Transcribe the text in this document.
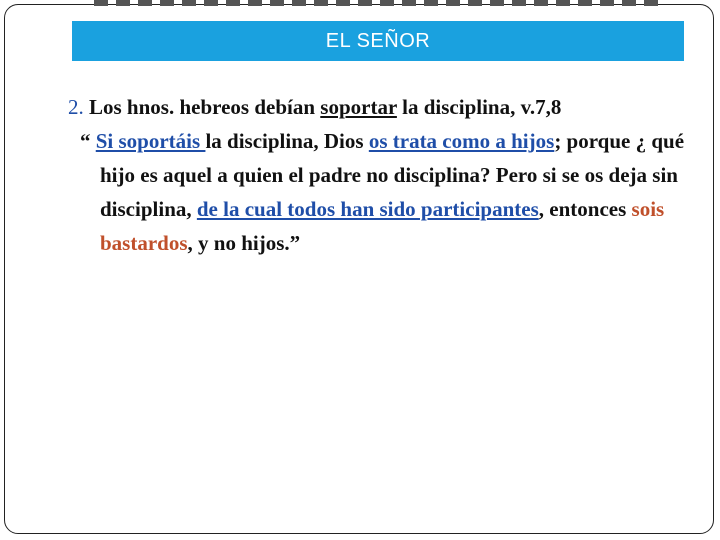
EL SEÑOR

2. Los hnos. hebreos debían soportar la disciplina, v.7,8

“ Si soportáis la disciplina, Dios os trata como a hijos; porque ¿ qué hijo es aquel a quien el padre no disciplina? Pero si se os deja sin disciplina, de la cual todos han sido participantes, entonces sois bastardos, y no hijos.”
